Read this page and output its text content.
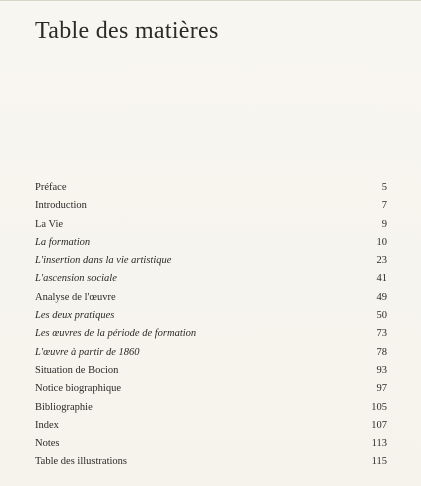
Table des matières
Préface	5
Introduction	7
La Vie	9
La formation	10
L'insertion dans la vie artistique	23
L'ascension sociale	41
Analyse de l'œuvre	49
Les deux pratiques	50
Les œuvres de la période de formation	73
L'œuvre à partir de 1860	78
Situation de Bocion	93
Notice biographique	97
Bibliographie	105
Index	107
Notes	113
Table des illustrations	115
